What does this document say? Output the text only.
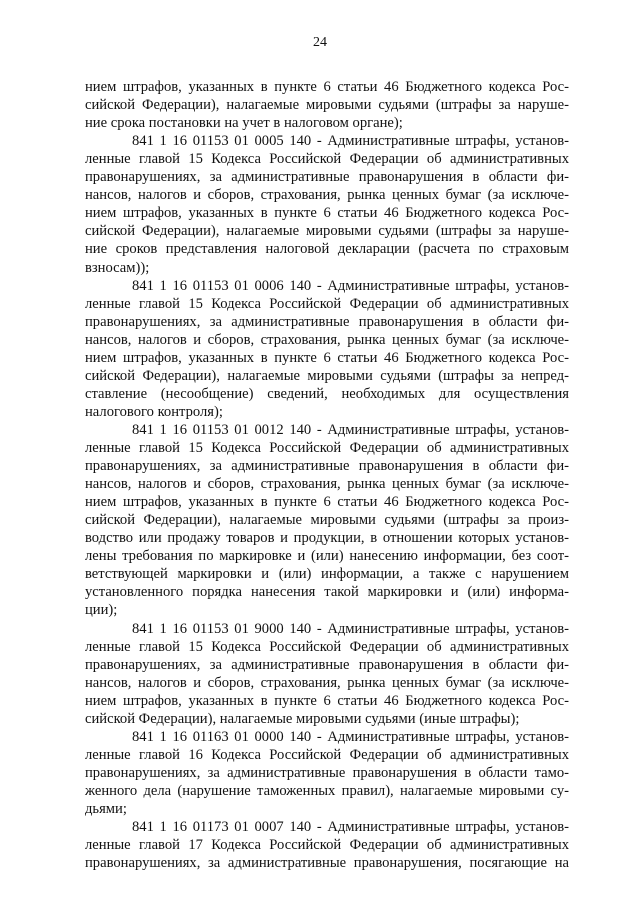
24
нием штрафов, указанных в пункте 6 статьи 46 Бюджетного кодекса Рос-
сийской Федерации), налагаемые мировыми судьями (штрафы за наруше-
ние срока постановки на учет в налоговом органе);
841 1 16 01153 01 0005 140 - Административные штрафы, установ-
ленные главой 15 Кодекса Российской Федерации об административных
правонарушениях, за административные правонарушения в области фи-
нансов, налогов и сборов, страхования, рынка ценных бумаг (за исключе-
нием штрафов, указанных в пункте 6 статьи 46 Бюджетного кодекса Рос-
сийской Федерации), налагаемые мировыми судьями (штрафы за наруше-
ние сроков представления налоговой декларации (расчета по страховым
взносам));
841 1 16 01153 01 0006 140 - Административные штрафы, установ-
ленные главой 15 Кодекса Российской Федерации об административных
правонарушениях, за административные правонарушения в области фи-
нансов, налогов и сборов, страхования, рынка ценных бумаг (за исключе-
нием штрафов, указанных в пункте 6 статьи 46 Бюджетного кодекса Рос-
сийской Федерации), налагаемые мировыми судьями (штрафы за непред-
ставление (несообщение) сведений, необходимых для осуществления
налогового контроля);
841 1 16 01153 01 0012 140 - Административные штрафы, установ-
ленные главой 15 Кодекса Российской Федерации об административных
правонарушениях, за административные правонарушения в области фи-
нансов, налогов и сборов, страхования, рынка ценных бумаг (за исключе-
нием штрафов, указанных в пункте 6 статьи 46 Бюджетного кодекса Рос-
сийской Федерации), налагаемые мировыми судьями (штрафы за произ-
водство или продажу товаров и продукции, в отношении которых установ-
лены требования по маркировке и (или) нанесению информации, без соот-
ветствующей маркировки и (или) информации, а также с нарушением
установленного порядка нанесения такой маркировки и (или) информа-
ции);
841 1 16 01153 01 9000 140 - Административные штрафы, установ-
ленные главой 15 Кодекса Российской Федерации об административных
правонарушениях, за административные правонарушения в области фи-
нансов, налогов и сборов, страхования, рынка ценных бумаг (за исключе-
нием штрафов, указанных в пункте 6 статьи 46 Бюджетного кодекса Рос-
сийской Федерации), налагаемые мировыми судьями (иные штрафы);
841 1 16 01163 01 0000 140 - Административные штрафы, установ-
ленные главой 16 Кодекса Российской Федерации об административных
правонарушениях, за административные правонарушения в области тамо-
женного дела (нарушение таможенных правил), налагаемые мировыми су-
дьями;
841 1 16 01173 01 0007 140 - Административные штрафы, установ-
ленные главой 17 Кодекса Российской Федерации об административных
правонарушениях, за административные правонарушения, посягающие на
